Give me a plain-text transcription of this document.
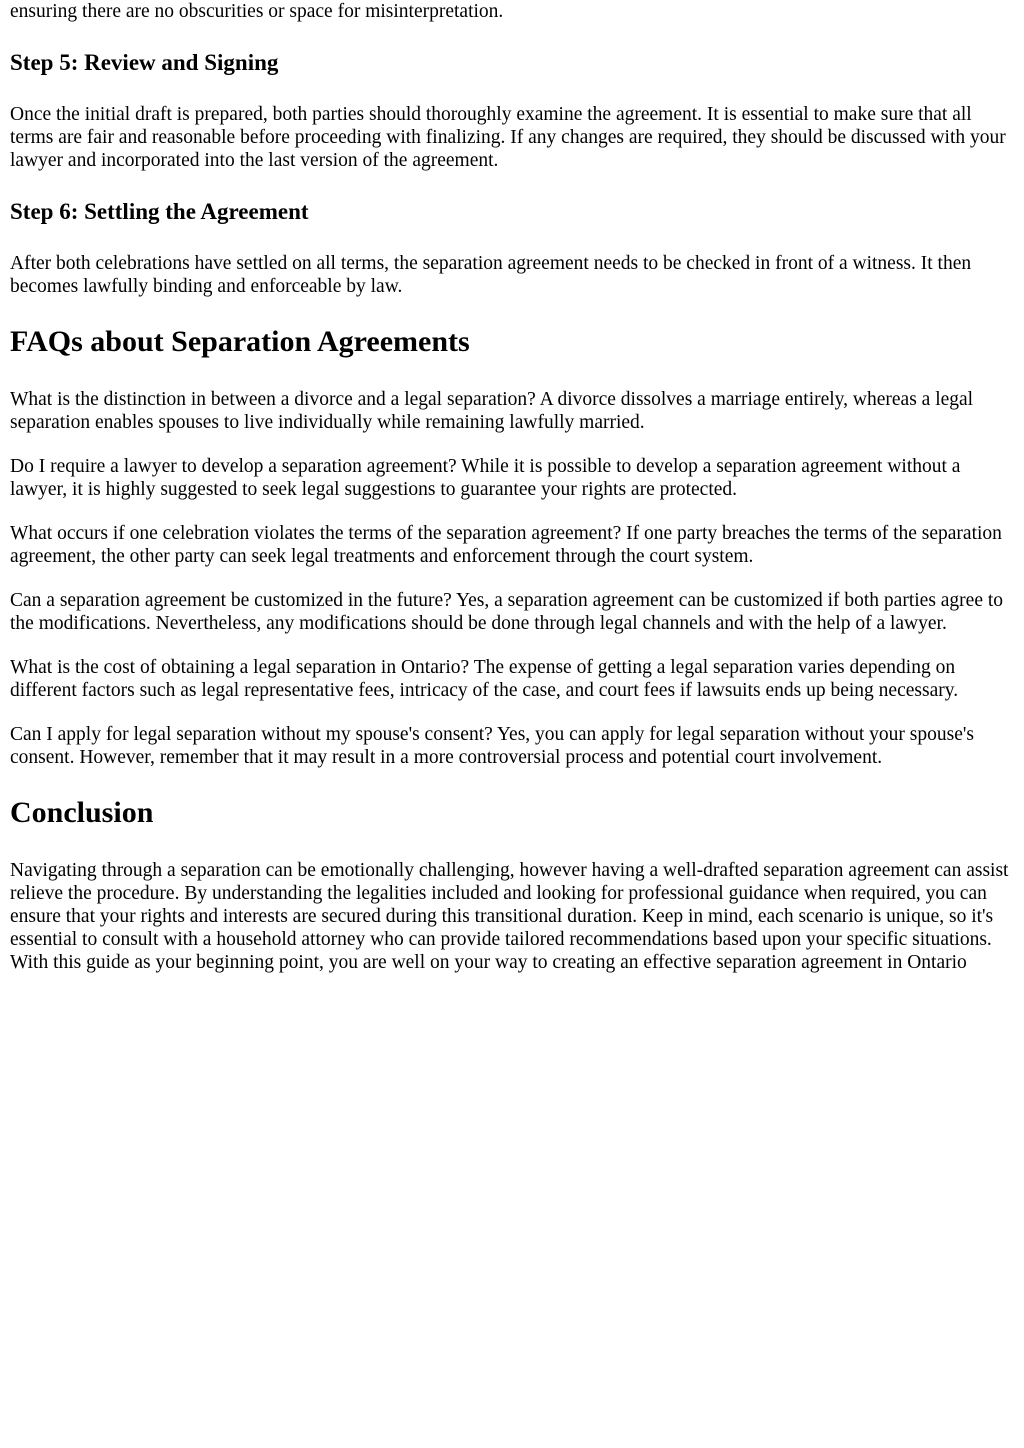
ensuring there are no obscurities or space for misinterpretation.

Step 5: Review and Signing

Once the initial draft is prepared, both parties should thoroughly examine the agreement. It is essential to make sure that all terms are fair and reasonable before proceeding with finalizing. If any changes are required, they should be discussed with your lawyer and incorporated into the last version of the agreement.

Step 6: Settling the Agreement

After both celebrations have settled on all terms, the separation agreement needs to be checked in front of a witness. It then becomes lawfully binding and enforceable by law.

FAQs about Separation Agreements

What is the distinction in between a divorce and a legal separation? A divorce dissolves a marriage entirely, whereas a legal separation enables spouses to live individually while remaining lawfully married.

Do I require a lawyer to develop a separation agreement? While it is possible to develop a separation agreement without a lawyer, it is highly suggested to seek legal suggestions to guarantee your rights are protected.

What occurs if one celebration violates the terms of the separation agreement? If one party breaches the terms of the separation agreement, the other party can seek legal treatments and enforcement through the court system.

Can a separation agreement be customized in the future? Yes, a separation agreement can be customized if both parties agree to the modifications. Nevertheless, any modifications should be done through legal channels and with the help of a lawyer.

What is the cost of obtaining a legal separation in Ontario? The expense of getting a legal separation varies depending on different factors such as legal representative fees, intricacy of the case, and court fees if lawsuits ends up being necessary.

Can I apply for legal separation without my spouse's consent? Yes, you can apply for legal separation without your spouse's consent. However, remember that it may result in a more controversial process and potential court involvement.

Conclusion

Navigating through a separation can be emotionally challenging, however having a well-drafted separation agreement can assist relieve the procedure. By understanding the legalities included and looking for professional guidance when required, you can ensure that your rights and interests are secured during this transitional duration. Keep in mind, each scenario is unique, so it's essential to consult with a household attorney who can provide tailored recommendations based upon your specific situations. With this guide as your beginning point, you are well on your way to creating an effective separation agreement in Ontario
